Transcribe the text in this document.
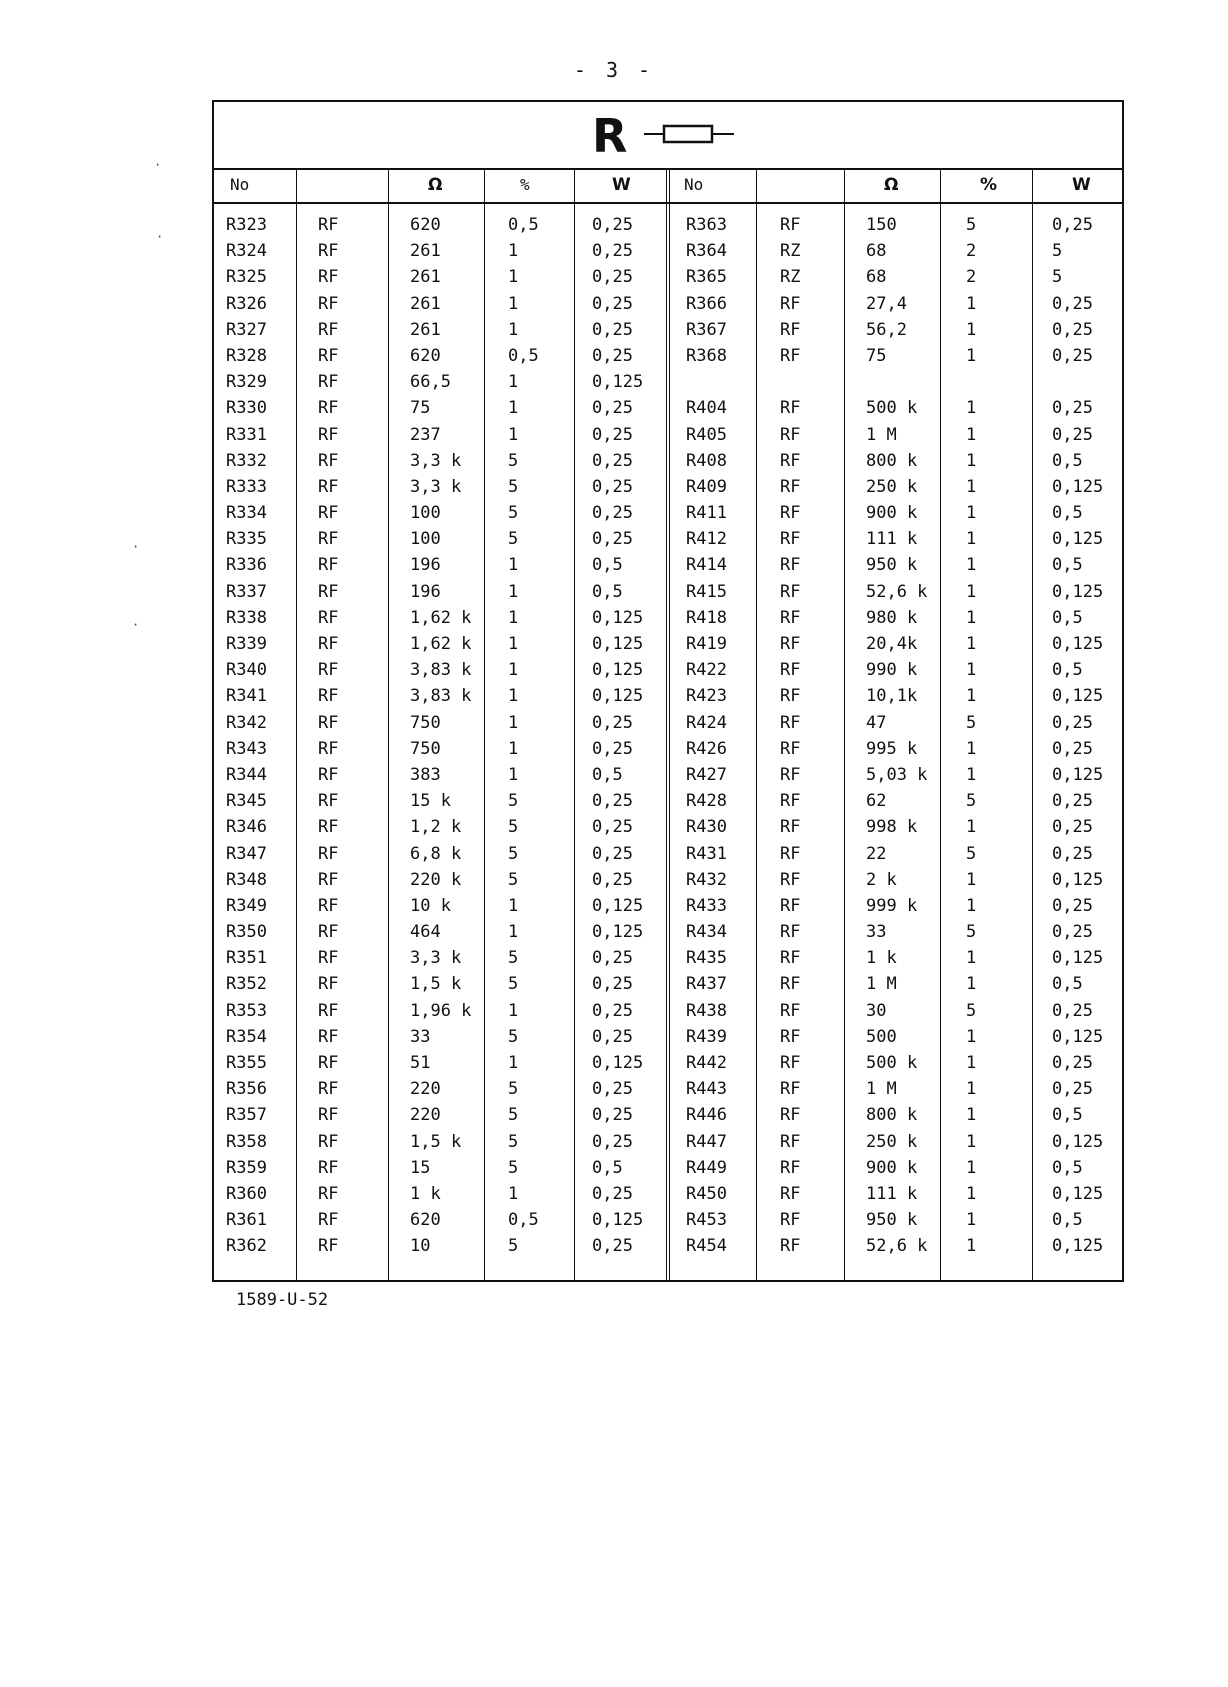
- 3 -
R
No	Ω	%	W	No	Ω	%	W
R323	RF	620	0,5	0,25	R363	RF	150	5	0,25
R324	RF	261	1	0,25	R364	RZ	68	2	5
R325	RF	261	1	0,25	R365	RZ	68	2	5
R326	RF	261	1	0,25	R366	RF	27,4	1	0,25
R327	RF	261	1	0,25	R367	RF	56,2	1	0,25
R328	RF	620	0,5	0,25	R368	RF	75	1	0,25
R329	RF	66,5	1	0,125
R330	RF	75	1	0,25	R404	RF	500 k	1	0,25
R331	RF	237	1	0,25	R405	RF	1 M	1	0,25
R332	RF	3,3 k	5	0,25	R408	RF	800 k	1	0,5
R333	RF	3,3 k	5	0,25	R409	RF	250 k	1	0,125
R334	RF	100	5	0,25	R411	RF	900 k	1	0,5
R335	RF	100	5	0,25	R412	RF	111 k	1	0,125
R336	RF	196	1	0,5	R414	RF	950 k	1	0,5
R337	RF	196	1	0,5	R415	RF	52,6 k 1	0,125
R338	RF	1,62 k 1	0,125	R418	RF	980 k	1	0,5
R339	RF	1,62 k 1	0,125	R419	RF	20,4k	1	0,125
R340	RF	3,83 k 1	0,125	R422	RF	990 k	1	0,5
R341	RF	3,83 k 1	0,125	R423	RF	10,1k	1	0,125
R342	RF	750	1	0,25	R424	RF	47	5	0,25
R343	RF	750	1	0,25	R426	RF	995 k	1	0,25
R344	RF	383	1	0,5	R427	RF	5,03 k 1	0,125
R345	RF	15 k	5	0,25	R428	RF	62	5	0,25
R346	RF	1,2 k	5	0,25	R430	RF	998 k	1	0,25
R347	RF	6,8 k	5	0,25	R431	RF	22	5	0,25
R348	RF	220 k	5	0,25	R432	RF	2 k	1	0,125
R349	RF	10 k	1	0,125	R433	RF	999 k	1	0,25
R350	RF	464	1	0,125	R434	RF	33	5	0,25
R351	RF	3,3 k	5	0,25	R435	RF	1 k	1	0,125
R352	RF	1,5 k	5	0,25	R437	RF	1 M	1	0,5
R353	RF	1,96 k 1	0,25	R438	RF	30	5	0,25
R354	RF	33	5	0,25	R439	RF	500	1	0,125
R355	RF	51	1	0,125	R442	RF	500 k	1	0,25
R356	RF	220	5	0,25	R443	RF	1 M	1	0,25
R357	RF	220	5	0,25	R446	RF	800 k	1	0,5
R358	RF	1,5 k	5	0,25	R447	RF	250 k	1	0,125
R359	RF	15	5	0,5	R449	RF	900 k	1	0,5
R360	RF	1 k	1	0,25	R450	RF	111 k	1	0,125
R361	RF	620	0,5	0,125	R453	RF	950 k	1	0,5
R362	RF	10	5	0,25	R454	RF	52,6 k 1	0,125
1589-U-52
·
·
·
·
